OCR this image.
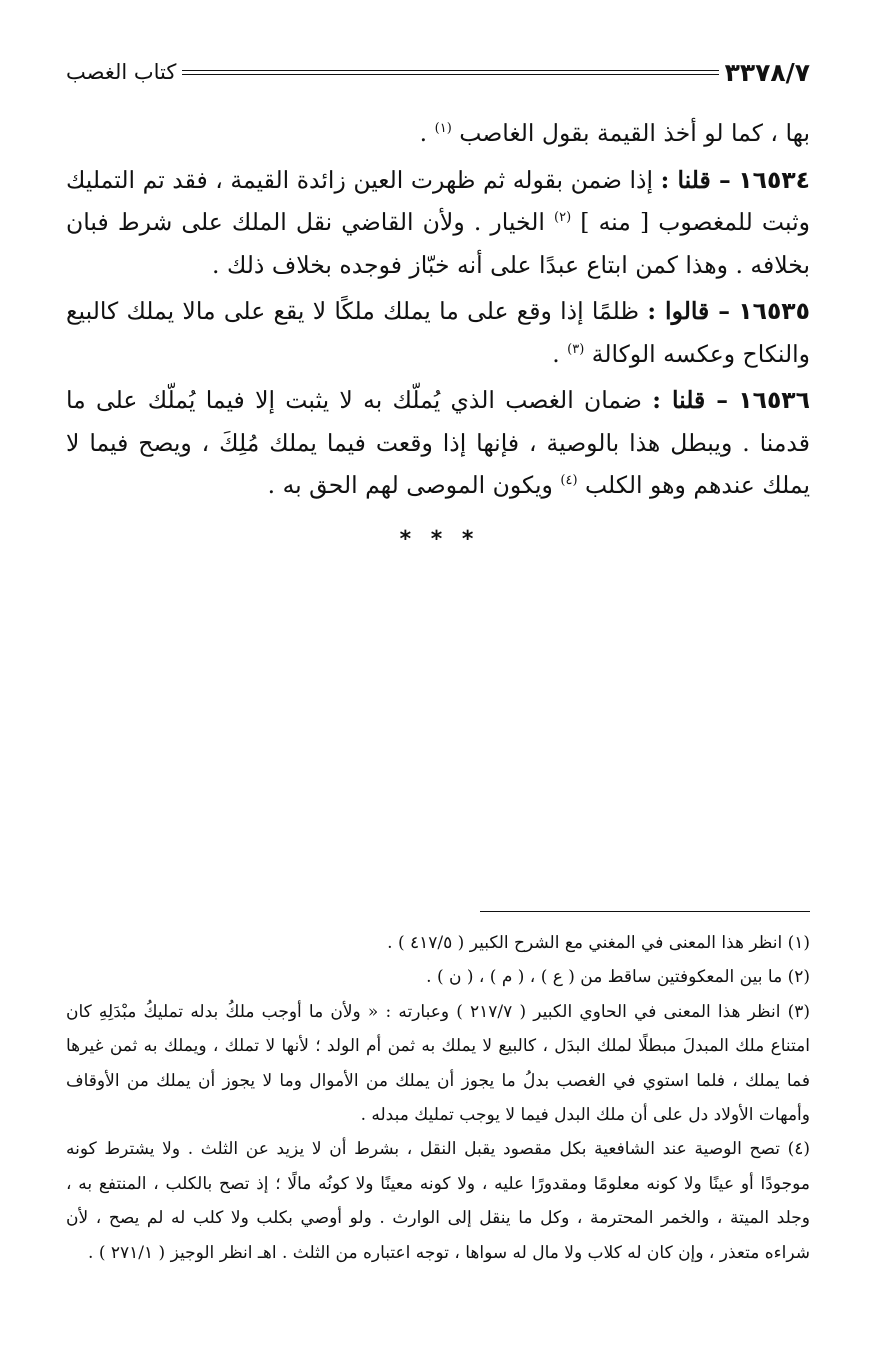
٣٣٧٨/٧
كتاب الغصب

بها ، كما لو أخذ القيمة بقول الغاصب $^{(١)}$ .

١٦٥٣٤ – قلنا : إذا ضمن بقوله ثم ظهرت العين زائدة القيمة ، فقد تم التمليك وثبت للمغصوب [ منه ] $^{(٢)}$ الخيار . ولأن القاضي نقل الملك على شرط فبان بخلافه . وهذا كمن ابتاع عبدًا على أنه خبّاز فوجده بخلاف ذلك .

١٦٥٣٥ – قالوا : ظلمًا إذا وقع على ما يملك ملكًا لا يقع على مالا يملك كالبيع والنكاح وعكسه الوكالة $^{(٣)}$ .

١٦٥٣٦ – قلنا : ضمان الغصب الذي يُملّك به لا يثبت إلا فيما يُملّك على ما قدمنا . ويبطل هذا بالوصية ، فإنها إذا وقعت فيما يملك مُلِكَ ، ويصح فيما لا يملك عندهم وهو الكلب $^{(٤)}$ ويكون الموصى لهم الحق به .

* * *

(١) انظر هذا المعنى في المغني مع الشرح الكبير ( ٤١٧/٥ ) .

(٢) ما بين المعكوفتين ساقط من ( ع ) ، ( م ) ، ( ن ) .

(٣) انظر هذا المعنى في الحاوي الكبير ( ٢١٧/٧ ) وعبارته : « ولأن ما أوجب ملكُ بدله تمليكُ مبْدَلِهِ كان امتناع ملك المبدلَ مبطلًا لملك البدَل ، كالبيع لا يملك به ثمن أم الولد ؛ لأنها لا تملك ، ويملك به ثمن غيرها فما يملك ، فلما استوي في الغصب بدلُ ما يجوز أن يملك من الأموال وما لا يجوز أن يملك من الأوقاف وأمهات الأولاد دل على أن ملك البدل فيما لا يوجب تمليك مبدله .

(٤) تصح الوصية عند الشافعية بكل مقصود يقبل النقل ، بشرط أن لا يزيد عن الثلث . ولا يشترط كونه موجودًا أو عينًا ولا كونه معلومًا ومقدورًا عليه ، ولا كونه معينًا ولا كونُه مالًا ؛ إذ تصح بالكلب ، المنتفع به ، وجلد الميتة ، والخمر المحترمة ، وكل ما ينقل إلى الوارث . ولو أوصي بكلب ولا كلب له لم يصح ، لأن شراءه متعذر ، وإن كان له كلاب ولا مال له سواها ، توجه اعتباره من الثلث . اهـ انظر الوجيز ( ٢٧١/١ ) .
